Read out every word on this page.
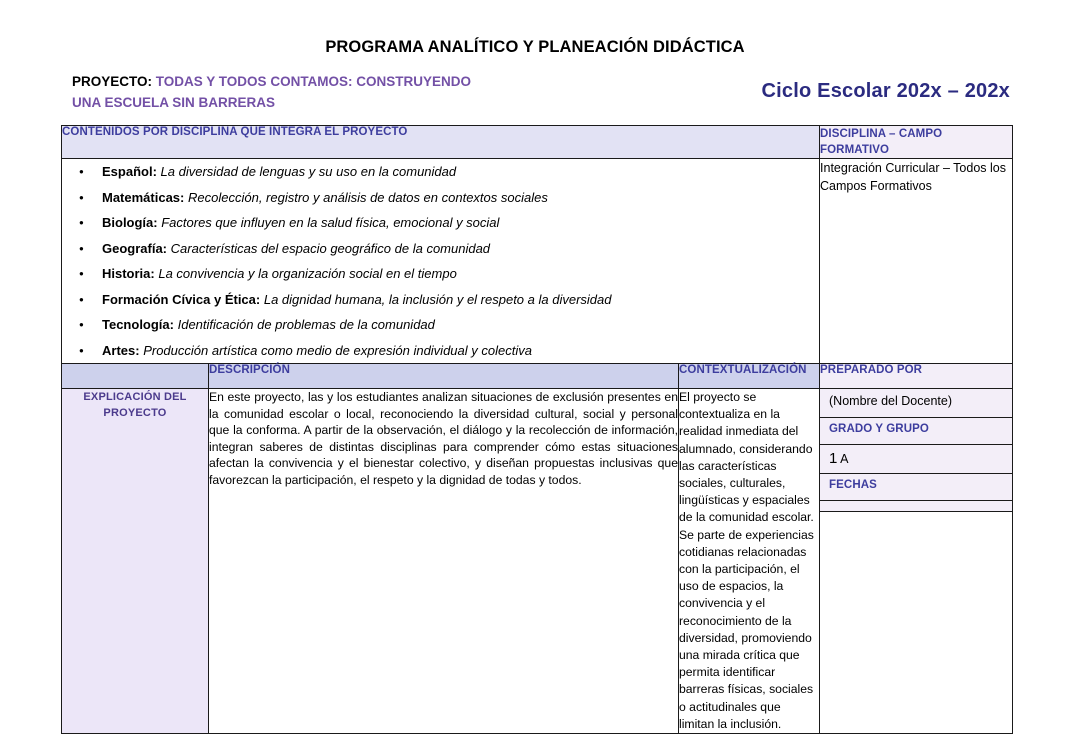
PROGRAMA ANALÍTICO Y PLANEACIÓN DIDÁCTICA
PROYECTO: TODAS Y TODOS CONTAMOS: CONSTRUYENDO
UNA ESCUELA SIN BARRERAS
Ciclo Escolar 202x – 202x
CONTENIDOS POR DISCIPLINA QUE INTEGRA EL PROYECTO	DISCIPLINA – CAMPO
FORMATIVO

● Español: La diversidad de lenguas y su uso en la comunidad
● Matemáticas: Recolección, registro y análisis de datos en contextos sociales
● Biología: Factores que influyen en la salud física, emocional y social
● Geografía: Características del espacio geográfico de la comunidad
● Historia: La convivencia y la organización social en el tiempo
● Formación Cívica y Ética: La dignidad humana, la inclusión y el respeto a la diversidad
● Tecnología: Identificación de problemas de la comunidad
● Artes: Producción artística como medio de expresión individual y colectiva
	Integración Curricular – Todos los Campos Formativos
	DESCRIPCIÓN	CONTEXTUALIZACIÓN	PREPARADO POR
EXPLICACIÓN DEL
PROYECTO	En este proyecto, las y los estudiantes analizan situaciones de exclusión presentes en la comunidad escolar o local, reconociendo la diversidad cultural, social y personal que la conforma. A partir de la observación, el diálogo y la recolección de información, integran saberes de distintas disciplinas para comprender cómo estas situaciones afectan la convivencia y el bienestar colectivo, y diseñan propuestas inclusivas que favorezcan la participación, el respeto y la dignidad de todas y todos.	El proyecto se contextualiza en la realidad inmediata del alumnado, considerando las características sociales, culturales, lingüísticas y espaciales de la comunidad escolar. Se parte de experiencias cotidianas relacionadas con la participación, el uso de espacios, la convivencia y el reconocimiento de la diversidad, promoviendo una mirada crítica que permita identificar barreras físicas, sociales o actitudinales que limitan la inclusión.	
(Nombre del Docente)
GRADO Y GRUPO
1 A
FECHAS
